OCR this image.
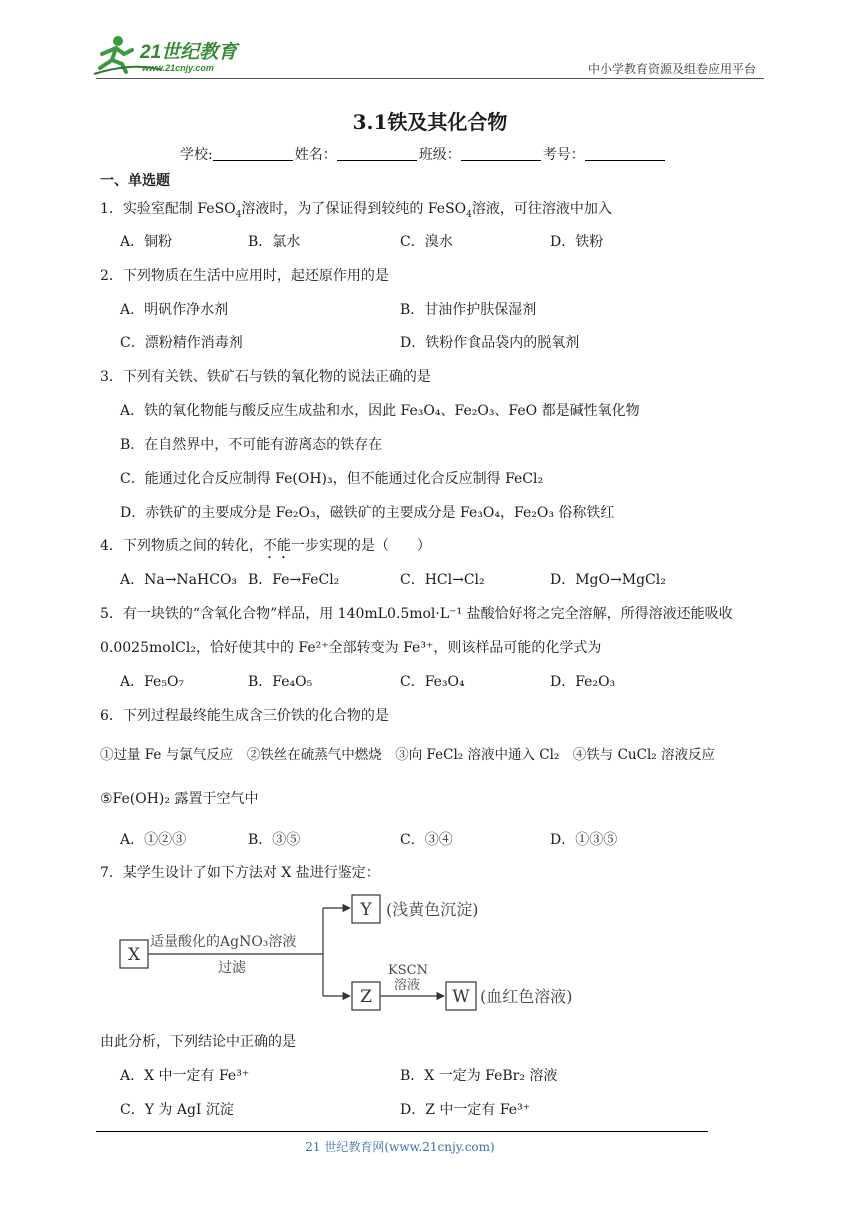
21世纪教育
www.21cnjy.com	中小学教育资源及组卷应用平台
3.1铁及其化合物
学校:	姓名：	班级：	考号：
一、单选题
1．实验室配制 FeSO$_4$溶液时，为了保证得到较纯的 FeSO$_4$溶液，可往溶液中加入
A．铜粉	B．氯水	C．溴水	D．铁粉
2．下列物质在生活中应用时，起还原作用的是
A．明矾作净水剂	B．甘油作护肤保湿剂
C．漂粉精作消毒剂	D．铁粉作食品袋内的脱氧剂
3．下列有关铁、铁矿石与铁的氧化物的说法正确的是
A．铁的氧化物能与酸反应生成盐和水，因此 Fe₃O₄、Fe₂O₃、FeO 都是碱性氧化物
B．在自然界中，不可能有游离态的铁存在
C．能通过化合反应制得 Fe(OH)₃，但不能通过化合反应制得 FeCl₂
D．赤铁矿的主要成分是 Fe₂O₃，磁铁矿的主要成分是 Fe₃O₄，Fe₂O₃ 俗称铁红
4．下列物质之间的转化，不能一步实现的是（　　）
A．Na→NaHCO₃ B．Fe→FeCl₂	C．HCl→Cl₂	D．MgO→MgCl₂
5．有一块铁的“含氧化合物”样品，用 140mL0.5mol·L⁻¹ 盐酸恰好将之完全溶解，所得溶液还能吸收
0.0025molCl₂，恰好使其中的 Fe²⁺全部转变为 Fe³⁺，则该样品可能的化学式为
A．Fe₅O₇	B．Fe₄O₅	C．Fe₃O₄	D．Fe₂O₃
6．下列过程最终能生成含三价铁的化合物的是
①过量 Fe 与氯气反应　②铁丝在硫蒸气中燃烧　③向 FeCl₂ 溶液中通入 Cl₂　④铁与 CuCl₂ 溶液反应
⑤Fe(OH)₂ 露置于空气中
A．①②③	B．③⑤	C．③④	D．①③⑤
7．某学生设计了如下方法对 X 盐进行鉴定：
X
适量酸化的AgNO₃溶液
过滤
Y (浅黄色沉淀)
Z
KSCN
溶液
W (血红色溶液)
由此分析，下列结论中正确的是
A．X 中一定有 Fe³⁺	B．X 一定为 FeBr₂ 溶液
C．Y 为 AgI 沉淀	D．Z 中一定有 Fe³⁺
21 世纪教育网(www.21cnjy.com)
